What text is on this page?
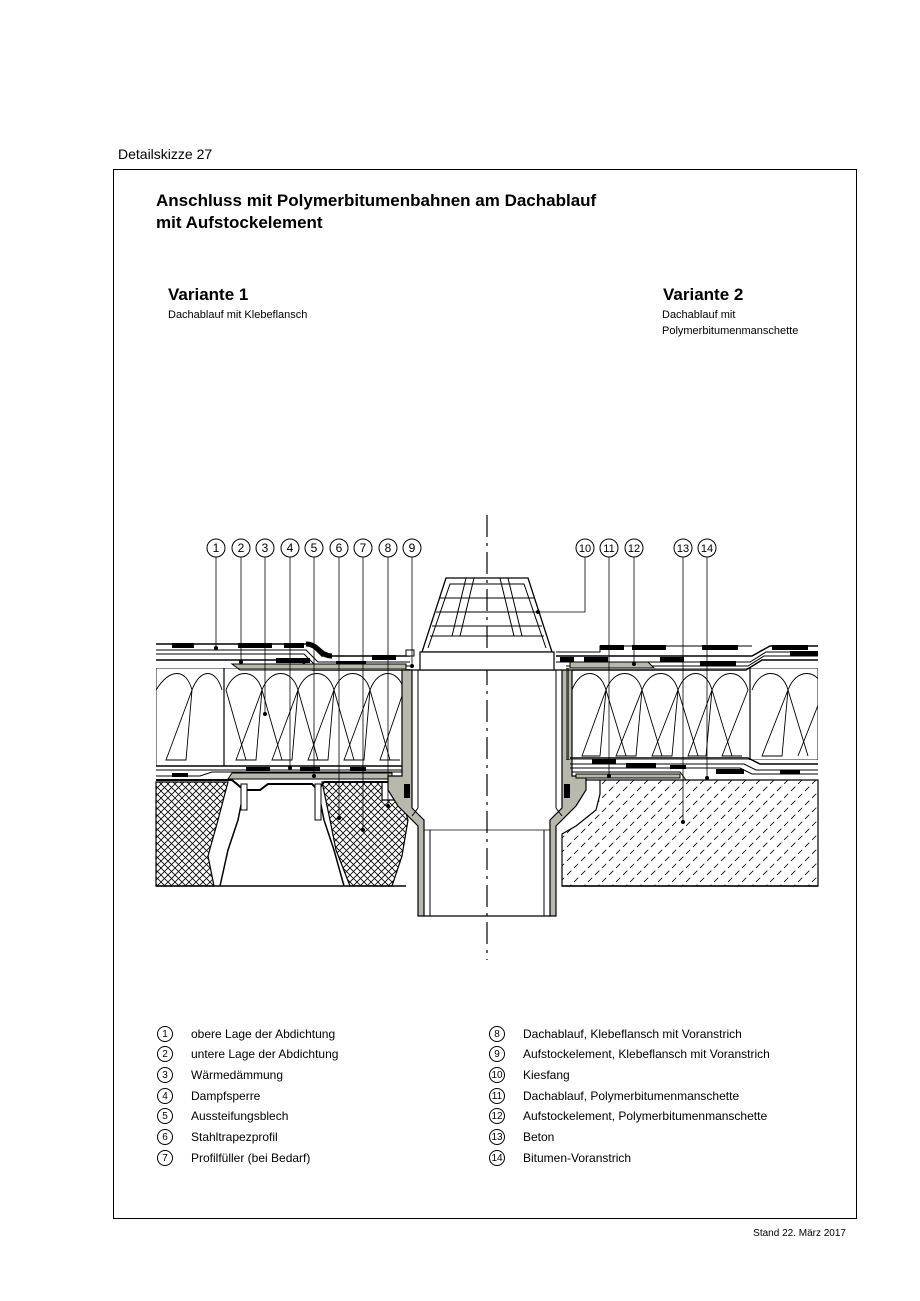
Detailskizze 27
Anschluss mit Polymerbitumenbahnen am Dachablauf
mit Aufstockelement
Variante 1
Dachablauf mit Klebeflansch
Variante 2
Dachablauf mit
Polymerbitumenmanschette
1 2 3 4 5 6 7 8 9	10 11 12	13 14
1	obere Lage der Abdichtung
2	untere Lage der Abdichtung
3	Wärmedämmung
4	Dampfsperre
5	Aussteifungsblech
6	Stahltrapezprofil
7	Profilfüller (bei Bedarf)
8	Dachablauf, Klebeflansch mit Voranstrich
9	Aufstockelement, Klebeflansch mit Voranstrich
10 Kiesfang
11 Dachablauf, Polymerbitumenmanschette
12 Aufstockelement, Polymerbitumenmanschette
13 Beton
14 Bitumen-Voranstrich
Stand 22. März 2017
